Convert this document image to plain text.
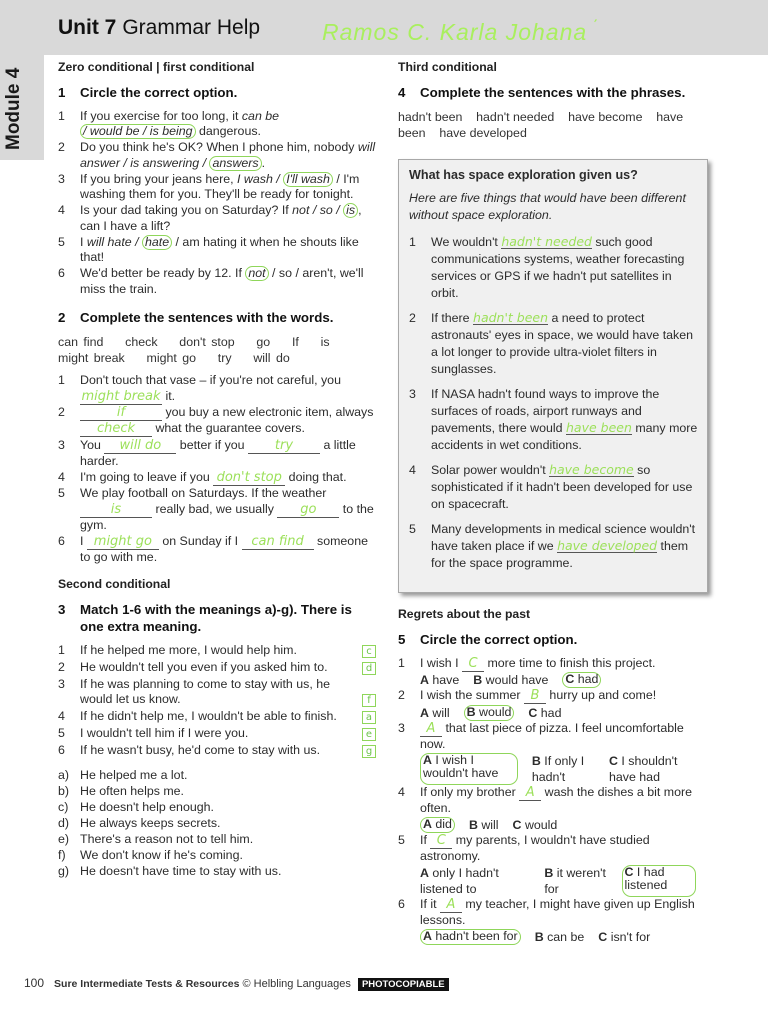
Module 4
Unit 7 Grammar Help	Ramos C. Karla Johana '
Zero conditional | first conditional
1	Circle the correct option.
1	If you exercise for too long, it can be/ would be / is being dangerous.
2	Do you think he's OK? When I phone him, nobody will answer / is answering / answers .
3	If you bring your jeans here, I wash / I'll wash / I'm washing them for you. They'll be ready for tonight.
4	Is your dad taking you on Saturday? If not / so / is , can I have a lift?
5	I will hate / hate / am hating it when he shouts like that!
6	We'd better be ready by 12. If not / so / aren't, we'll miss the train.
2	Complete the sentences with the words.
can find    check    don't stop    go    If    is    might break    might go    try    will do
1	Don't touch that vase – if you're not careful, you
might break it.
2	if	you buy a new electronic item, always
check what the guarantee covers.
3	You will do better if you try a little harder.
4	I'm going to leave if you don't stop doing that.
5	We play football on Saturdays. If the weather
is really bad, we usually go to the gym.
6	I might go on Sunday if I can find someone to go with me.
Second conditional
3	Match 1-6 with the meanings a)-g). There is one extra meaning.
1	If he helped me more, I would help him.	c
2	He wouldn't tell you even if you asked him to.	d
3	If he was planning to come to stay with us, he would let us know.	f
4	If he didn't help me, I wouldn't be able to finish.	a
5	I wouldn't tell him if I were you.	e
6	If he wasn't busy, he'd come to stay with us.	g
a) He helped me a lot.
b) He often helps me.
c) He doesn't help enough.
d) He always keeps secrets.
e) There's a reason not to tell him.
f)	We don't know if he's coming.
g) He doesn't have time to stay with us.
Third conditional
4	Complete the sentences with the phrases.
hadn't been    hadn't needed    have become    have been    have developed
What has space exploration given us?
Here are five things that would have been different without space exploration.
1	We wouldn't hadn't needed such good communications systems, weather forecasting services or GPS if we hadn't put satellites in orbit.
2	If there hadn't been a need to protect astronauts' eyes in space, we would have taken a lot longer to provide ultra-violet filters in sunglasses.
3	If NASA hadn't found ways to improve the surfaces of roads, airport runways and pavements, there would have been many more accidents in wet conditions.
4	Solar power wouldn't have become so sophisticated if it hadn't been developed for use on spacecraft.
5	Many developments in medical science wouldn't have taken place if we have developed them for the space programme.
Regrets about the past
5	Circle the correct option.
1	I wish I C more time to finish this project.
A have B would have C had
2	I wish the summer B hurry up and come!
A will B would C had
3	A that last piece of pizza. I feel uncomfortable now.
A I wish I wouldn't have
B If only I hadn't
C I shouldn't have had
4	If only my brother A wash the dishes a bit more often.
A did B will C would
5	If C my parents, I wouldn't have studied astronomy.
A only I hadn't listened to
B it weren't for
C I had listened
6	If it A my teacher, I might have given up English lessons.
A hadn't been for B can be C isn't for
100 Sure Intermediate Tests & Resources © Helbling Languages PHOTOCOPIABLE
